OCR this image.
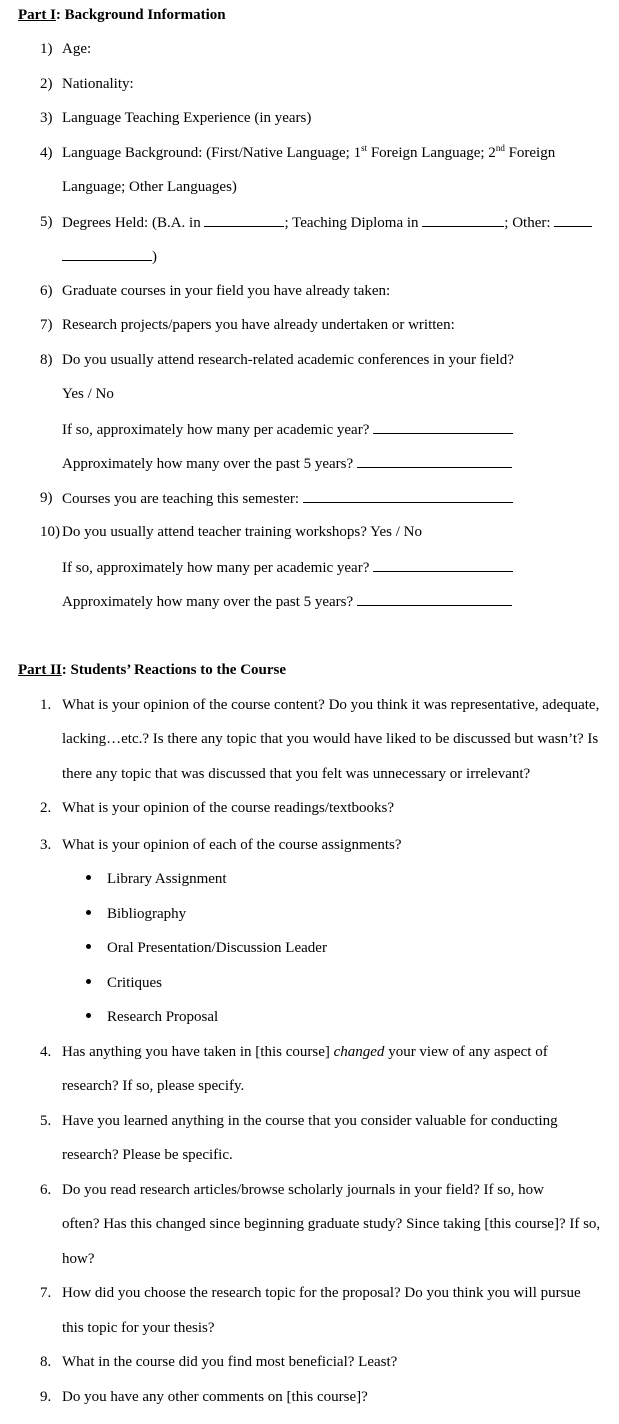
Part I: Background Information
1) Age:
2) Nationality:
3) Language Teaching Experience (in years)
4) Language Background: (First/Native Language; 1st Foreign Language; 2nd Foreign
Language; Other Languages)
5) Degrees Held: (B.A. in	; Teaching Diploma in	; Other:
)
6) Graduate courses in your field you have already taken:
7) Research projects/papers you have already undertaken or written:
8) Do you usually attend research-related academic conferences in your field?
Yes / No
If so, approximately how many per academic year?
Approximately how many over the past 5 years?
9) Courses you are teaching this semester:
10) Do you usually attend teacher training workshops? Yes / No
If so, approximately how many per academic year?
Approximately how many over the past 5 years?
Part II: Students’ Reactions to the Course
1. What is your opinion of the course content? Do you think it was representative, adequate,
lacking…etc.? Is there any topic that you would have liked to be discussed but wasn’t? Is
there any topic that was discussed that you felt was unnecessary or irrelevant?
2. What is your opinion of the course readings/textbooks?
3. What is your opinion of each of the course assignments?
Library Assignment
Bibliography
Oral Presentation/Discussion Leader
Critiques
Research Proposal
4. Has anything you have taken in [this course] changed your view of any aspect of
research? If so, please specify.
5. Have you learned anything in the course that you consider valuable for conducting
research? Please be specific.
6. Do you read research articles/browse scholarly journals in your field? If so, how
often? Has this changed since beginning graduate study? Since taking [this course]? If so,
how?
7. How did you choose the research topic for the proposal? Do you think you will pursue
this topic for your thesis?
8. What in the course did you find most beneficial? Least?
9. Do you have any other comments on [this course]?
